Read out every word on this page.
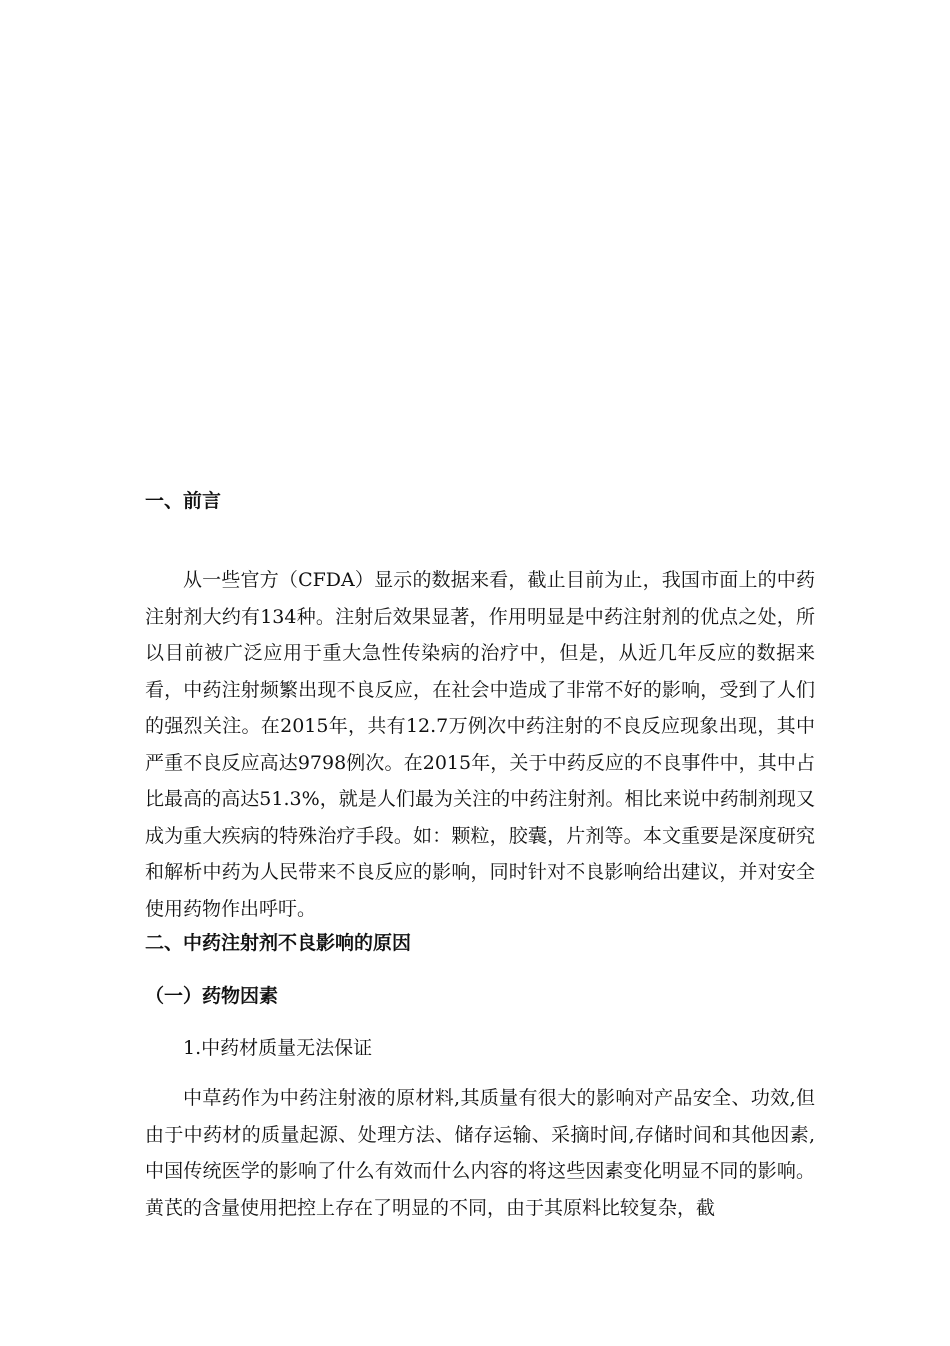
一、前言
从一些官方（CFDA）显示的数据来看，截止目前为止，我国市面上的中药注射剂大约有134种。注射后效果显著，作用明显是中药注射剂的优点之处，所以目前被广泛应用于重大急性传染病的治疗中，但是，从近几年反应的数据来看，中药注射频繁出现不良反应，在社会中造成了非常不好的影响，受到了人们的强烈关注。在2015年，共有12.7万例次中药注射的不良反应现象出现，其中严重不良反应高达9798例次。在2015年，关于中药反应的不良事件中，其中占比最高的高达51.3%，就是人们最为关注的中药注射剂。相比来说中药制剂现又成为重大疾病的特殊治疗手段。如：颗粒，胶囊，片剂等。本文重要是深度研究和解析中药为人民带来不良反应的影响，同时针对不良影响给出建议，并对安全使用药物作出呼吁。
二、中药注射剂不良影响的原因
（一）药物因素
1.中药材质量无法保证
中草药作为中药注射液的原材料,其质量有很大的影响对产品安全、功效,但由于中药材的质量起源、处理方法、储存运输、采摘时间,存储时间和其他因素,中国传统医学的影响了什么有效而什么内容的将这些因素变化明显不同的影响。黄芪的含量使用把控上存在了明显的不同，由于其原料比较复杂，截
